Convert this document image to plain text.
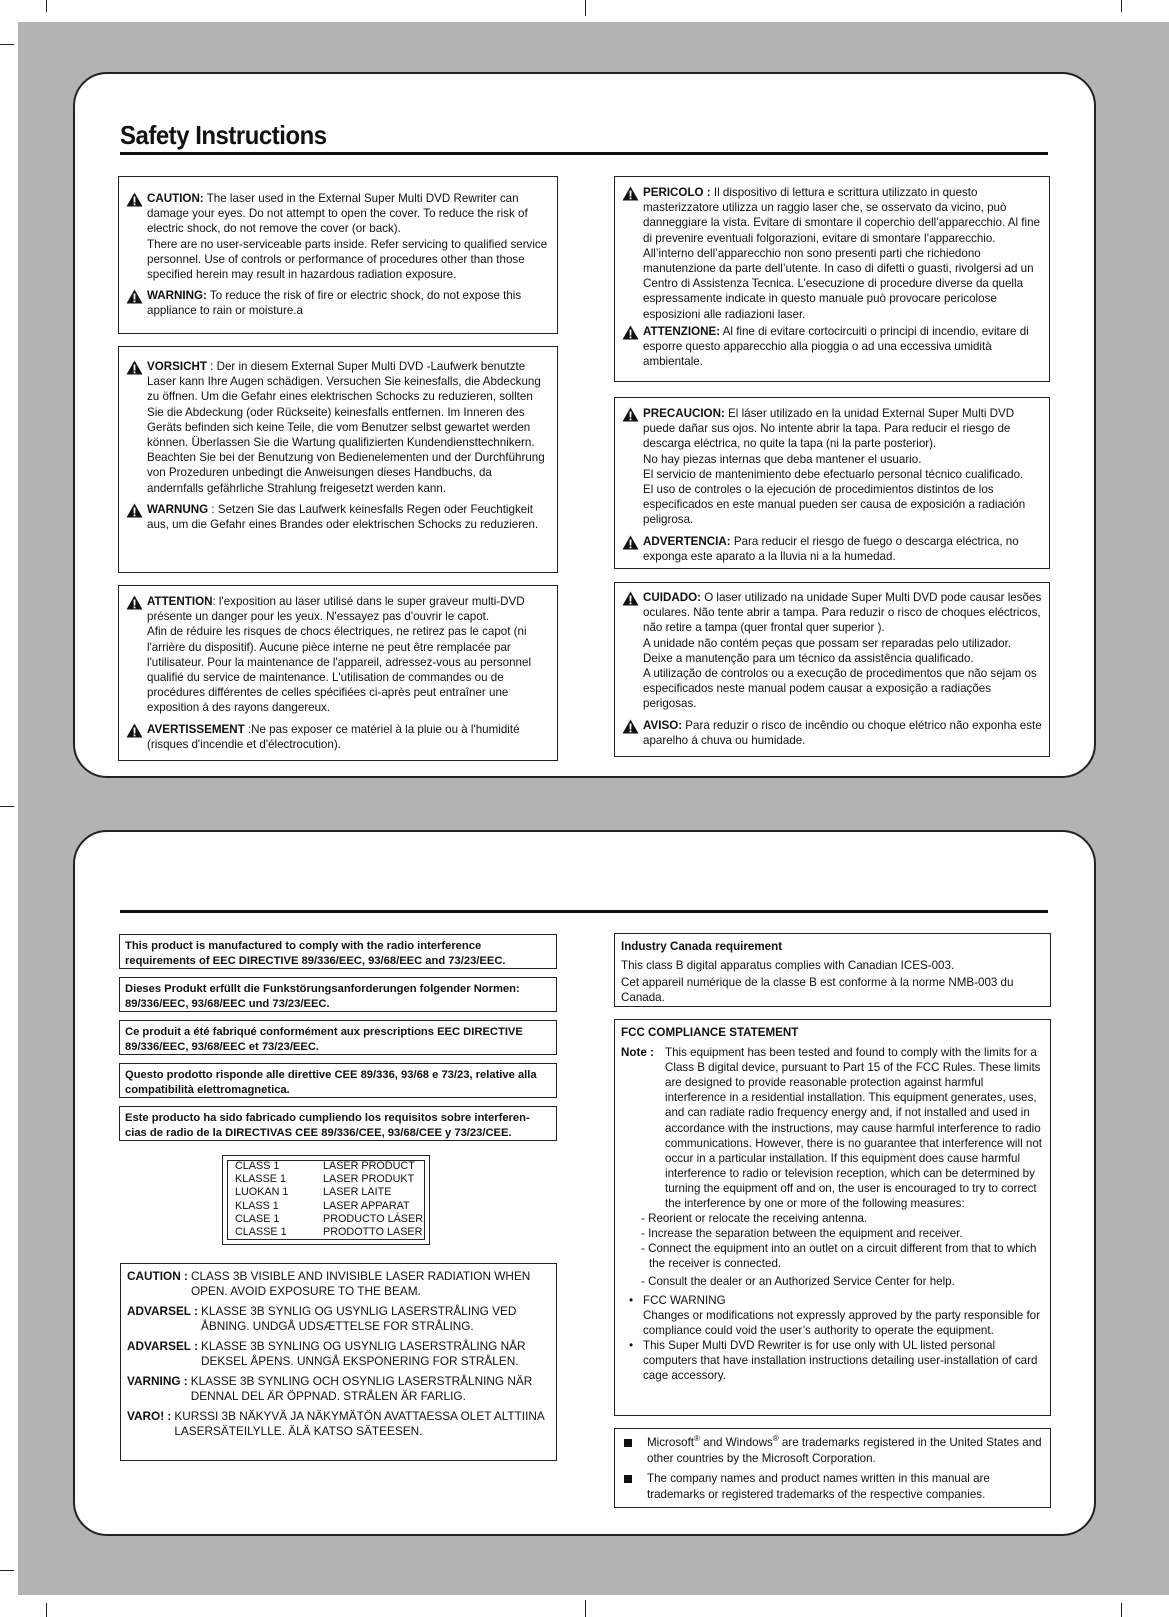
Safety Instructions
CAUTION: The laser used in the External Super Multi DVD Rewriter can damage your eyes. Do not attempt to open the cover. To reduce the risk of electric shock, do not remove the cover (or back).
There are no user-serviceable parts inside. Refer servicing to qualified service personnel. Use of controls or performance of procedures other than those specified herein may result in hazardous radiation exposure.
WARNING: To reduce the risk of fire or electric shock, do not expose this appliance to rain or moisture.a
VORSICHT : Der in diesem External Super Multi DVD -Laufwerk benutzte Laser kann Ihre Augen schädigen. Versuchen Sie keinesfalls, die Abdeckung zu öffnen. Um die Gefahr eines elektrischen Schocks zu reduzieren, sollten Sie die Abdeckung (oder Rückseite) keinesfalls entfernen. Im Inneren des Geräts befinden sich keine Teile, die vom Benutzer selbst gewartet werden können. Überlassen Sie die Wartung qualifizierten Kundendiensttechnikern. Beachten Sie bei der Benutzung von Bedienelementen und der Durchführung von Prozeduren unbedingt die Anweisungen dieses Handbuchs, da andernfalls gefährliche Strahlung freigesetzt werden kann.
WARNUNG : Setzen Sie das Laufwerk keinesfalls Regen oder Feuchtigkeit aus, um die Gefahr eines Brandes oder elektrischen Schocks zu reduzieren.
ATTENTION: l'exposition au laser utilisé dans le super graveur multi-DVD présente un danger pour les yeux. N'essayez pas d'ouvrir le capot.
Afin de réduire les risques de chocs électriques, ne retirez pas le capot (ni l'arrière du dispositif). Aucune pièce interne ne peut être remplacée par l'utilisateur. Pour la maintenance de l'appareil, adressez-vous au personnel qualifié du service de maintenance. L'utilisation de commandes ou de procédures différentes de celles spécifiées ci-après peut entraîner une exposition à des rayons dangereux.
AVERTISSEMENT :Ne pas exposer ce matériel à la pluie ou à l'humidité (risques d'incendie et d'électrocution).
PERICOLO : Il dispositivo di lettura e scrittura utilizzato in questo masterizzatore utilizza un raggio laser che, se osservato da vicino, può danneggiare la vista. Evitare di smontare il coperchio dell’apparecchio. Al fine di prevenire eventuali folgorazioni, evitare di smontare l’apparecchio. All’interno dell’apparecchio non sono presenti parti che richiedono manutenzione da parte dell’utente. In caso di difetti o guasti, rivolgersi ad un Centro di Assistenza Tecnica. L’esecuzione di procedure diverse da quella espressamente indicate in questo manuale può provocare pericolose esposizioni alle radiazioni laser.
ATTENZIONE: Al fine di evitare cortocircuiti o principi di incendio, evitare di esporre questo apparecchio alla pioggia o ad una eccessiva umidità ambientale.
PRECAUCION: El láser utilizado en la unidad External Super Multi DVD puede dañar sus ojos. No intente abrir la tapa. Para reducir el riesgo de descarga eléctrica, no quite la tapa (ni la parte posterior).
No hay piezas internas que deba mantener el usuario.
El servicio de mantenimiento debe efectuarlo personal técnico cualificado.
El uso de controles o la ejecución de procedimientos distintos de los especificados en este manual pueden ser causa de exposición a radiación peligrosa.
ADVERTENCIA: Para reducir el riesgo de fuego o descarga eléctrica, no exponga este aparato a la lluvia ni a la humedad.
CUIDADO: O laser utilizado na unidade Super Multi DVD pode causar lesões oculares. Não tente abrir a tampa. Para reduzir o risco de choques eléctricos, não retire a tampa (quer frontal quer superior ).
A unidade não contém peças que possam ser reparadas pelo utilizador.
Deixe a manutenção para um técnico da assistência qualificado.
A utilização de controlos ou a execução de procedimentos que não sejam os especificados neste manual podem causar a exposição a radiações perigosas.
AVISO: Para reduzir o risco de incêndio ou choque elétrico não exponha este aparelho á chuva ou humidade.
This product is manufactured to comply with the radio interference requirements of EEC DIRECTIVE 89/336/EEC, 93/68/EEC and 73/23/EEC.
Dieses Produkt erfüllt die Funkstörungsanforderungen folgender Normen: 89/336/EEC, 93/68/EEC und 73/23/EEC.
Ce produit a été fabriqué conformément aux prescriptions EEC DIRECTIVE 89/336/EEC, 93/68/EEC et 73/23/EEC.
Questo prodotto risponde alle direttive CEE 89/336, 93/68 e 73/23, relative alla compatibilità elettromagnetica.
Este producto ha sido fabricado cumpliendo los requisitos sobre interferen-cias de radio de la DIRECTIVAS CEE 89/336/CEE, 93/68/CEE y 73/23/CEE.
CLASS 1	LASER PRODUCT
KLASSE 1	LASER PRODUKT
LUOKAN 1	LASER LAITE
KLASS 1	LASER APPARAT
CLASE 1	PRODUCTO LÁSER
CLASSE 1	PRODOTTO LASER
CAUTION : CLASS 3B VISIBLE AND INVISIBLE LASER RADIATION WHEN OPEN. AVOID EXPOSURE TO THE BEAM.
ADVARSEL : KLASSE 3B SYNLIG OG USYNLIG LASERSTRÅLING VED ÅBNING. UNDGÅ UDSÆTTELSE FOR STRÅLING.
ADVARSEL : KLASSE 3B SYNLING OG USYNLIG LASERSTRÅLING NÅR
DEKSEL ÅPENS. UNNGÅ EKSPONERING FOR STRÅLEN.
VARNING : KLASSE 3B SYNLING OCH OSYNLIG LASERSTRÅLNING NÄR DENNAL DEL ÄR ÖPPNAD. STRÅLEN ÄR FARLIG.
VARO! : KURSSI 3B NÄKYVÄ JA NÄKYMÄTÖN AVATTAESSA OLET ALTTIINA LASERSÄTEILYLLE. ÄLÄ KATSO SÄTEESEN.
Industry Canada requirement
This class B digital apparatus complies with Canadian ICES-003.
Cet appareil numérique de la classe B est conforme à la norme NMB-003 du Canada.
FCC COMPLIANCE STATEMENT
Note : This equipment has been tested and found to comply with the limits for a Class B digital device, pursuant to Part 15 of the FCC Rules. These limits are designed to provide reasonable protection against harmful interference in a residential installation. This equipment generates, uses, and can radiate radio frequency energy and, if not installed and used in accordance with the instructions, may cause harmful interference to radio communications. However, there is no guarantee that interference will not occur in a particular installation. If this equipment does cause harmful interference to radio or television reception, which can be determined by turning the equipment off and on, the user is encouraged to try to correct the interference by one or more of the following measures:
- Reorient or relocate the receiving antenna.
- Increase the separation between the equipment and receiver.
- Connect the equipment into an outlet on a circuit different from that to which the receiver is connected.
- Consult the dealer or an Authorized Service Center for help.
• FCC WARNING
Changes or modifications not expressly approved by the party responsible for compliance could void the user’s authority to operate the equipment.
• This Super Multi DVD Rewriter is for use only with UL listed personal computers that have installation instructions detailing user-installation of card cage accessory.
Microsoft® and Windows® are trademarks registered in the United States and other countries by the Microsoft Corporation.
The company names and product names written in this manual are trademarks or registered trademarks of the respective companies.
